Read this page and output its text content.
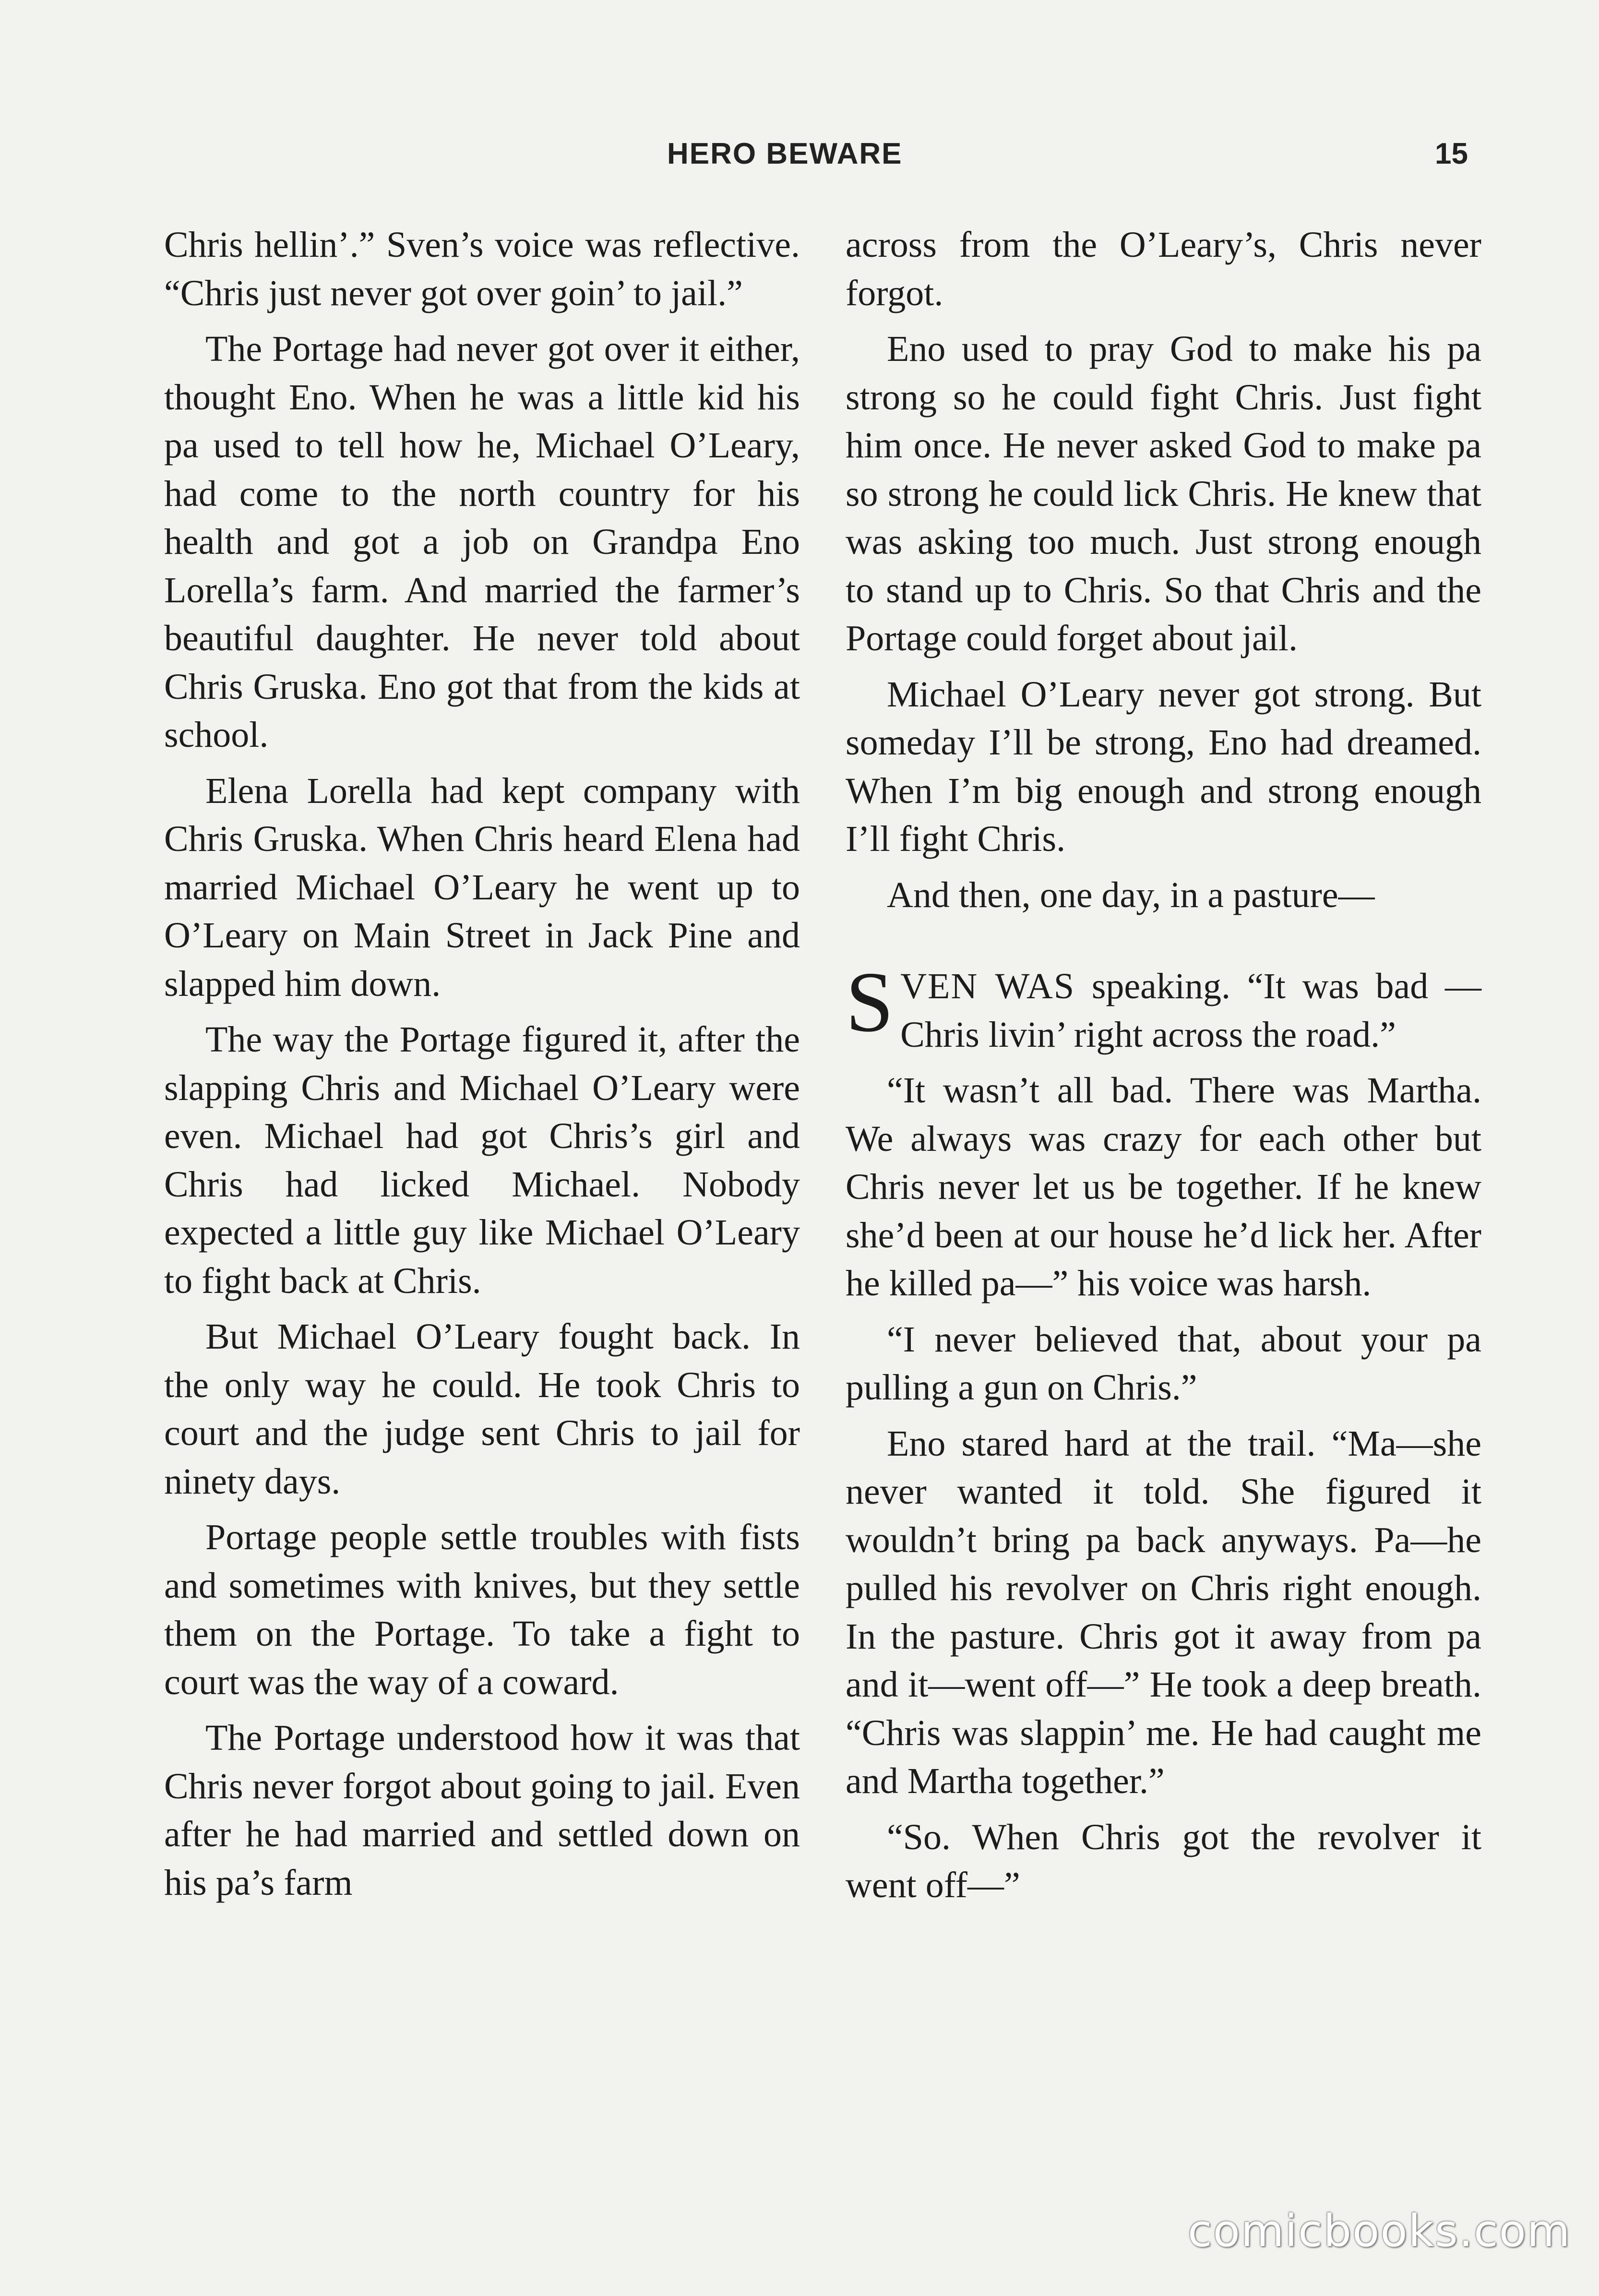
HERO BEWARE	15

Chris hellin’.” Sven’s voice was reflective. “Chris just never got over goin’ to jail.”

The Portage had never got over it either, thought Eno. When he was a little kid his pa used to tell how he, Michael O’Leary, had come to the north country for his health and got a job on Grandpa Eno Lorella’s farm. And married the farmer’s beautiful daughter. He never told about Chris Gruska. Eno got that from the kids at school.

Elena Lorella had kept company with Chris Gruska. When Chris heard Elena had married Michael O’Leary he went up to O’Leary on Main Street in Jack Pine and slapped him down.

The way the Portage figured it, after the slapping Chris and Michael O’Leary were even. Michael had got Chris’s girl and Chris had licked Michael. Nobody expected a little guy like Michael O’Leary to fight back at Chris.

But Michael O’Leary fought back. In the only way he could. He took Chris to court and the judge sent Chris to jail for ninety days.

Portage people settle troubles with fists and sometimes with knives, but they settle them on the Portage. To take a fight to court was the way of a coward.

The Portage understood how it was that Chris never forgot about going to jail. Even after he had married and settled down on his pa’s farm

across from the O’Leary’s, Chris never forgot.

Eno used to pray God to make his pa strong so he could fight Chris. Just fight him once. He never asked God to make pa so strong he could lick Chris. He knew that was asking too much. Just strong enough to stand up to Chris. So that Chris and the Portage could forget about jail.

Michael O’Leary never got strong. But someday I’ll be strong, Eno had dreamed. When I’m big enough and strong enough I’ll fight Chris.

And then, one day, in a pasture—

SVEN WAS speaking. “It was bad —Chris livin’ right across the road.”

“It wasn’t all bad. There was Martha. We always was crazy for each other but Chris never let us be together. If he knew she’d been at our house he’d lick her. After he killed pa—” his voice was harsh.

“I never believed that, about your pa pulling a gun on Chris.”

Eno stared hard at the trail. “Ma—she never wanted it told. She figured it wouldn’t bring pa back anyways. Pa—he pulled his revolver on Chris right enough. In the pasture. Chris got it away from pa and it—went off—” He took a deep breath. “Chris was slappin’ me. He had caught me and Martha together.”

“So. When Chris got the revolver it went off—”

comicbooks.com
